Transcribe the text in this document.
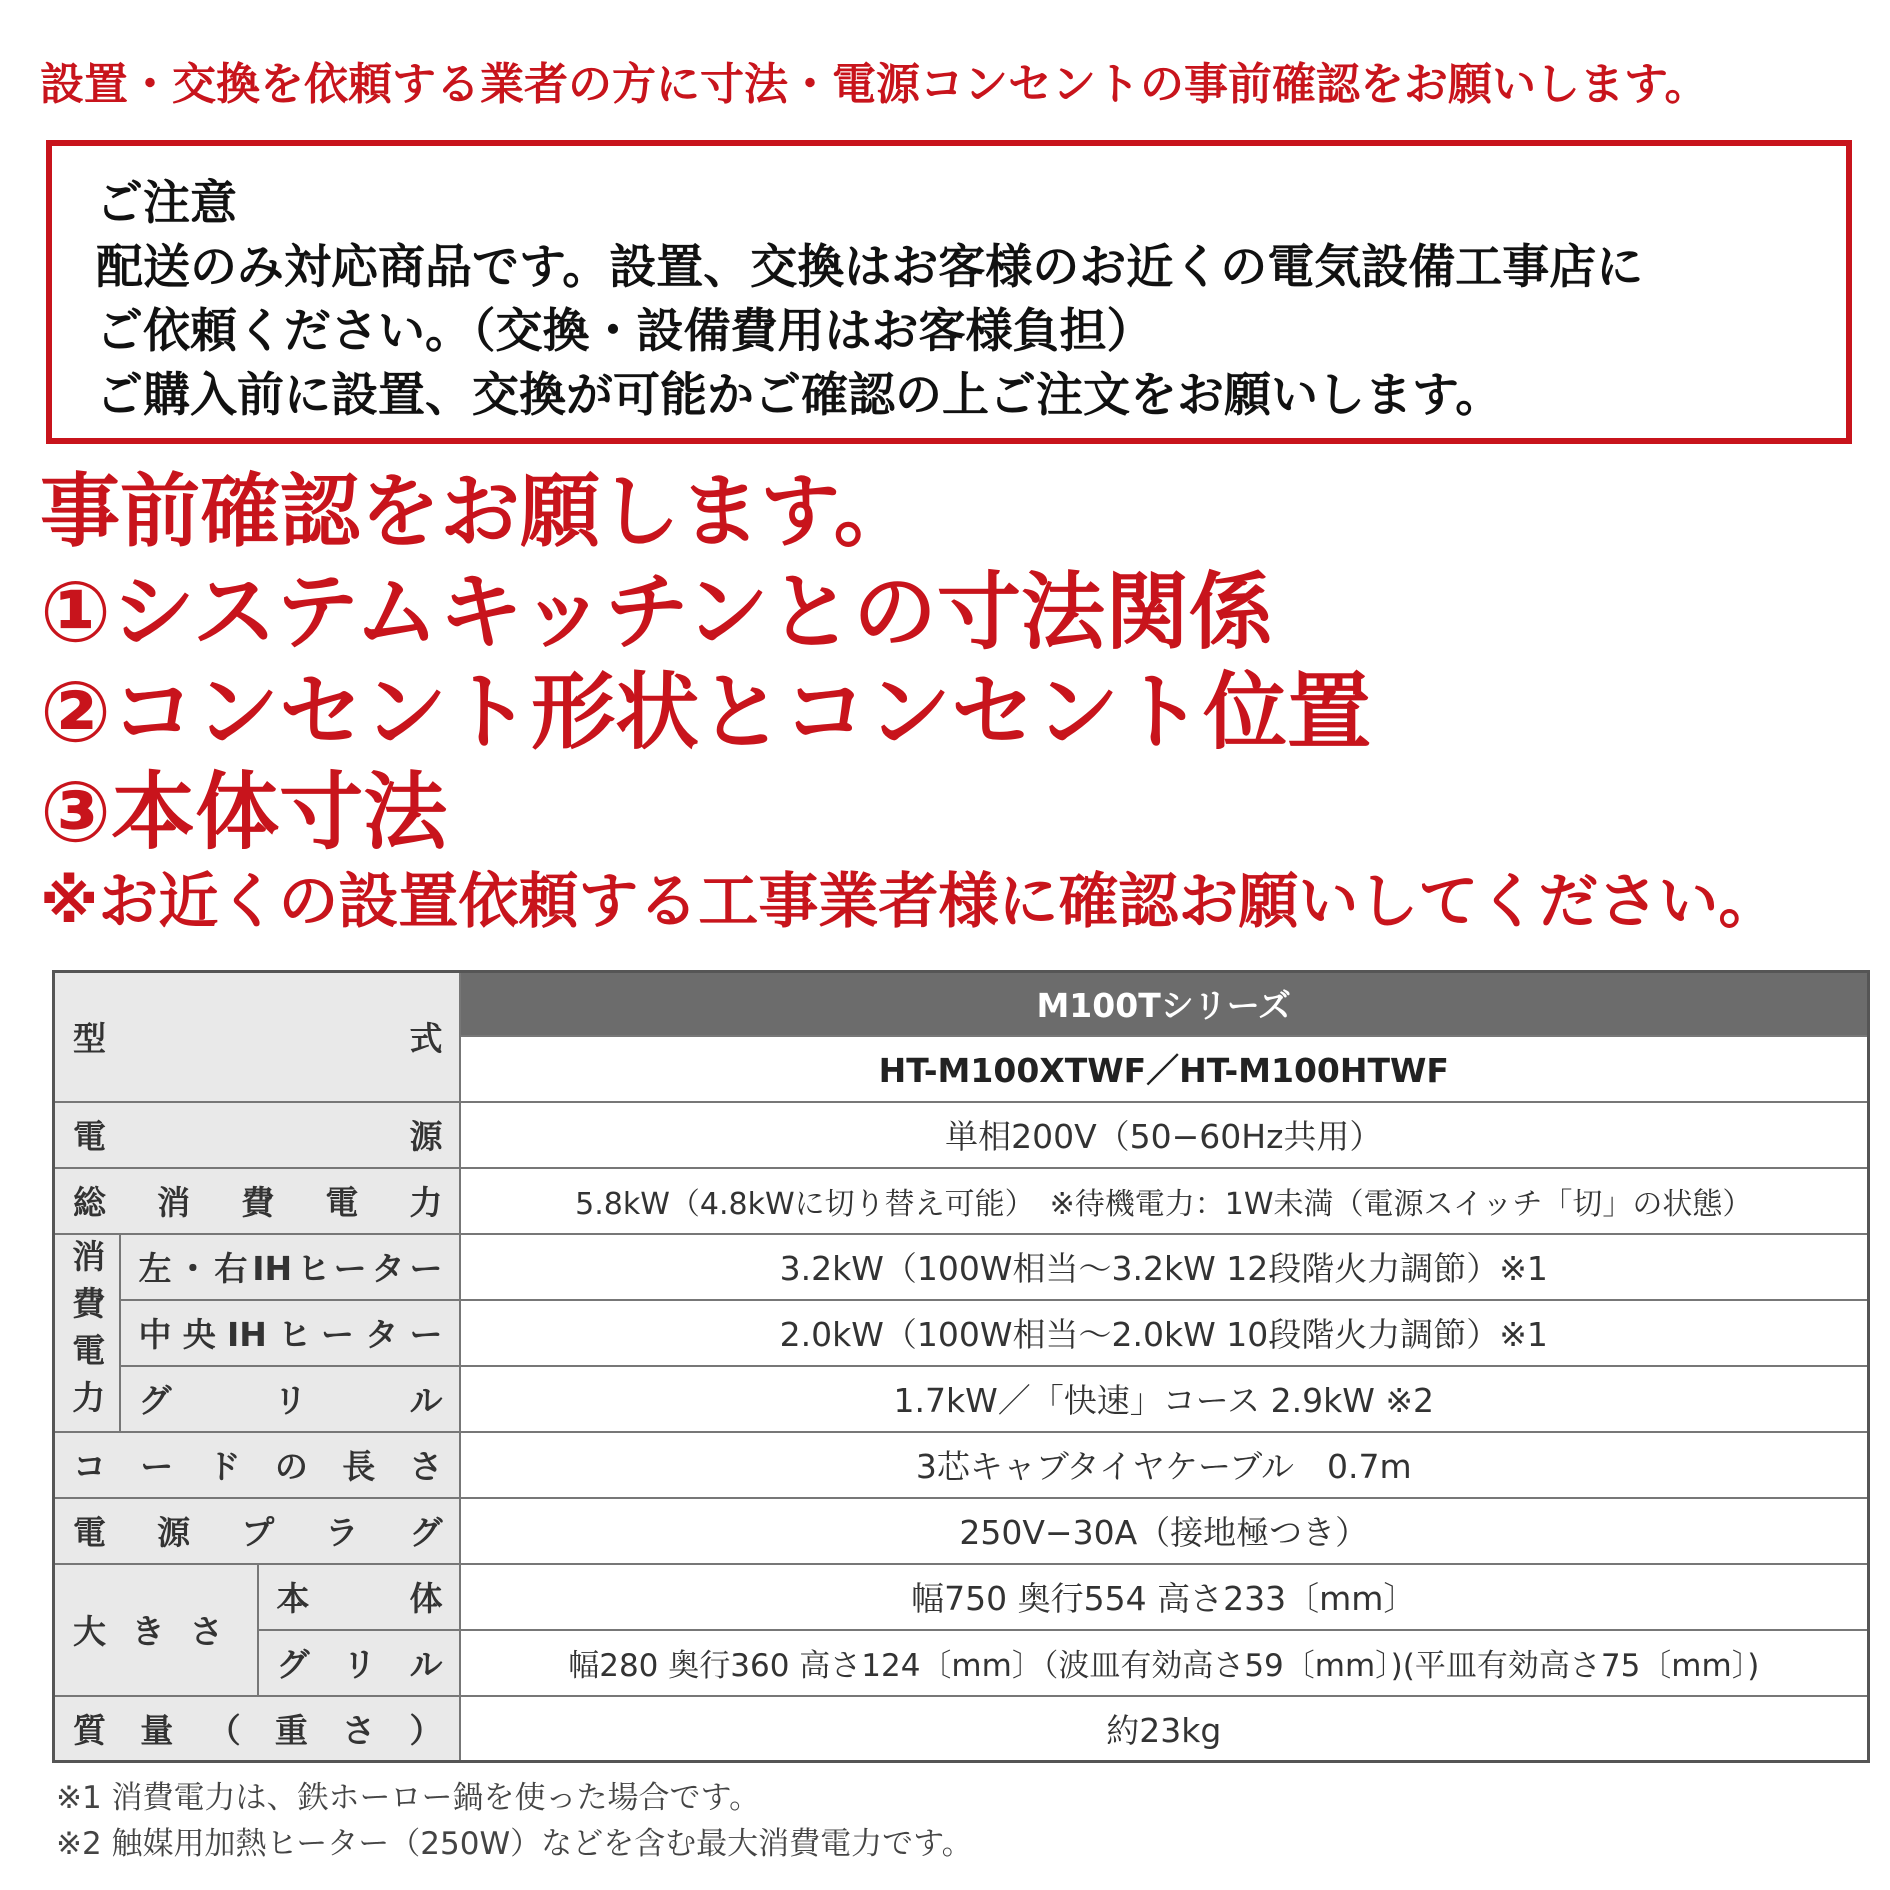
設置・交換を依頼する業者の方に寸法・電源コンセントの事前確認をお願いします。
ご注意
配送のみ対応商品です。設置、交換はお客様のお近くの電気設備工事店に
ご依頼ください。（交換・設備費用はお客様負担）
ご購入前に設置、交換が可能かご確認の上ご注文をお願いします。
事前確認をお願します。
①システムキッチンとの寸法関係
②コンセント形状とコンセント位置
③本体寸法
※お近くの設置依頼する工事業者様に確認お願いしてください。
型　式			M100Tシリーズ
			HT-M100XTWF／HT-M100HTWF

電　源			単相200V（50−60Hz共用）

総消費電力			5.8kW（4.8kWに切り替え可能）　※待機電力：1W未満（電源スイッチ「切」の状態）

消費電力	左・右IHヒーター		3.2kW（100W相当〜3.2kW 12段階火力調節）※1

	中央IHヒーター		2.0kW（100W相当〜2.0kW 10段階火力調節）※1

	グリル		1.7kW／「快速」コース 2.9kW ※2

コードの長さ			3芯キャブタイヤケーブル　0.7m

電源プラグ			250V−30A（接地極つき）

大きさ		本体	幅750 奥行554 高さ233〔mm〕

		グリル	幅280 奥行360 高さ124〔mm〕（波皿有効高さ59〔mm〕)(平皿有効高さ75〔mm〕)

質量（重さ）			約23kg
※1 消費電力は、鉄ホーロー鍋を使った場合です。
※2 触媒用加熱ヒーター（250W）などを含む最大消費電力です。
